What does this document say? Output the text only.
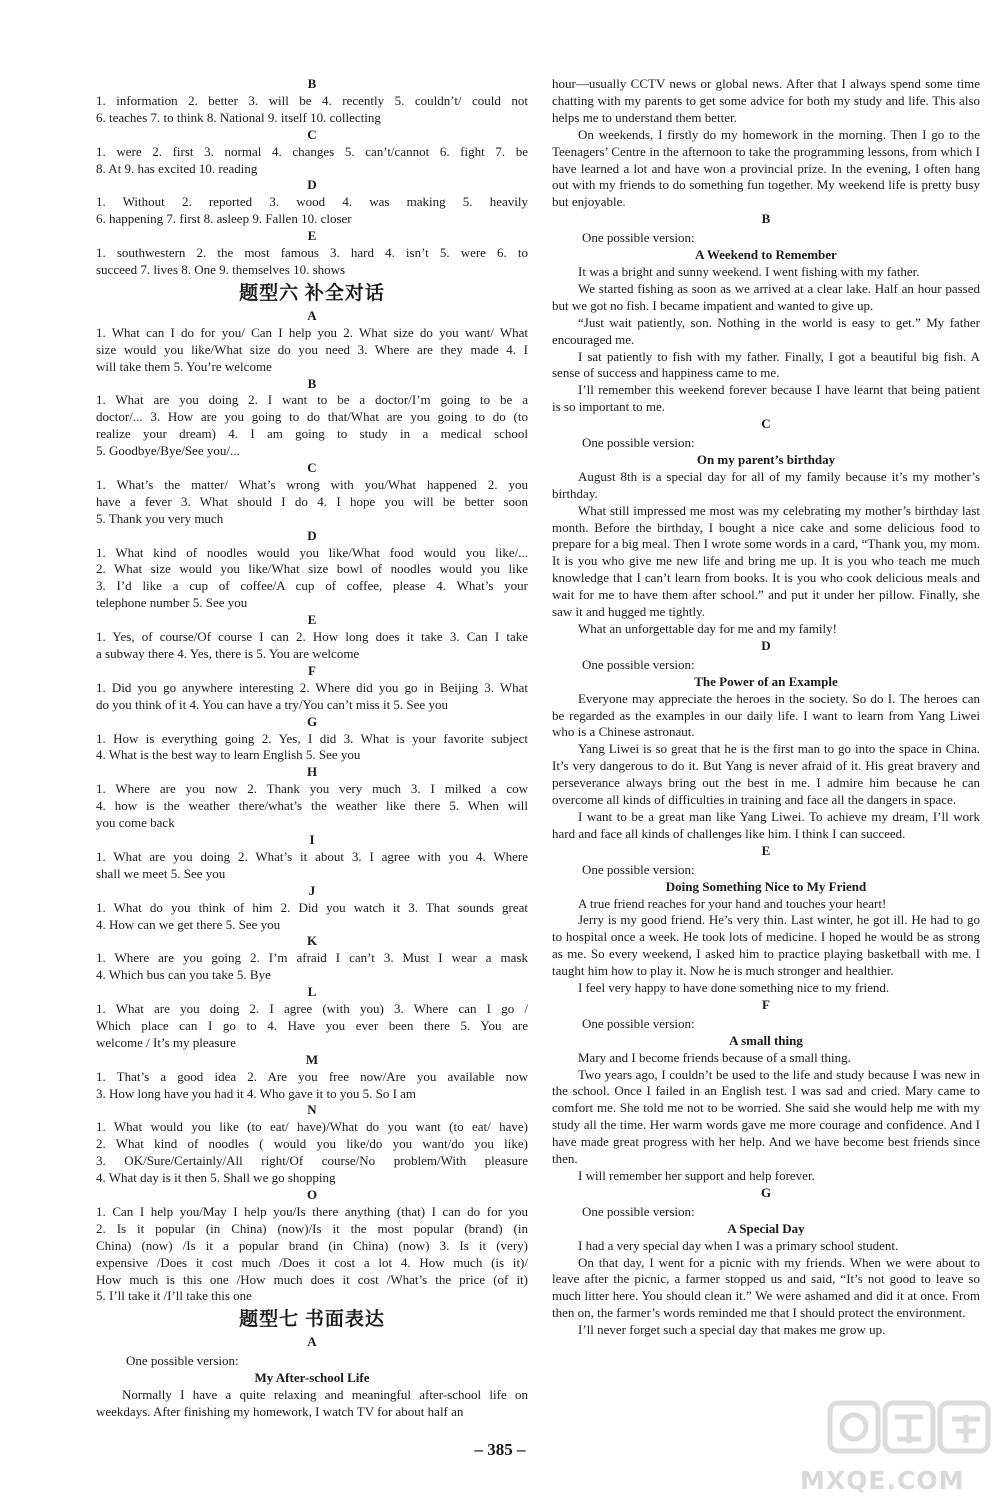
B
1. information 2. better 3. will be 4. recently 5. couldn’t/ could not
6. teaches 7. to think 8. National 9. itself 10. collecting
C
1. were 2. first 3. normal 4. changes 5. can’t/cannot 6. fight 7. be
8. At 9. has excited 10. reading
D
1. Without 2. reported 3. wood 4. was making 5. heavily
6. happening 7. first 8. asleep 9. Fallen 10. closer
E
1. southwestern 2. the most famous 3. hard 4. isn’t 5. were 6. to
succeed 7. lives 8. One 9. themselves 10. shows
题型六 补全对话
A
1. What can I do for you/ Can I help you 2. What size do you want/ What
size would you like/What size do you need 3. Where are they made 4. I
will take them 5. You’re welcome
B
1. What are you doing 2. I want to be a doctor/I’m going to be a
doctor/... 3. How are you going to do that/What are you going to do (to
realize your dream) 4. I am going to study in a medical school
5. Goodbye/Bye/See you/...
C
1. What’s the matter/ What’s wrong with you/What happened 2. you
have a fever 3. What should I do 4. I hope you will be better soon
5. Thank you very much
D
1. What kind of noodles would you like/What food would you like/...
2. What size would you like/What size bowl of noodles would you like
3. I’d like a cup of coffee/A cup of coffee, please 4. What’s your
telephone number 5. See you
E
1. Yes, of course/Of course I can 2. How long does it take 3. Can I take
a subway there 4. Yes, there is 5. You are welcome
F
1. Did you go anywhere interesting 2. Where did you go in Beijing 3. What
do you think of it 4. You can have a try/You can’t miss it 5. See you
G
1. How is everything going 2. Yes, I did 3. What is your favorite subject
4. What is the best way to learn English 5. See you
H
1. Where are you now 2. Thank you very much 3. I milked a cow
4. how is the weather there/what’s the weather like there 5. When will
you come back
I
1. What are you doing 2. What’s it about 3. I agree with you 4. Where
shall we meet 5. See you
J
1. What do you think of him 2. Did you watch it 3. That sounds great
4. How can we get there 5. See you
K
1. Where are you going 2. I’m afraid I can’t 3. Must I wear a mask
4. Which bus can you take 5. Bye
L
1. What are you doing 2. I agree (with you) 3. Where can I go /
Which place can I go to 4. Have you ever been there 5. You are
welcome / It’s my pleasure
M
1. That’s a good idea 2. Are you free now/Are you available now
3. How long have you had it 4. Who gave it to you 5. So I am
N
1. What would you like (to eat/ have)/What do you want (to eat/ have)
2. What kind of noodles ( would you like/do you want/do you like)
3. OK/Sure/Certainly/All right/Of course/No problem/With pleasure
4. What day is it then 5. Shall we go shopping
O
1. Can I help you/May I help you/Is there anything (that) I can do for you
2. Is it popular (in China) (now)/Is it the most popular (brand) (in
China) (now) /Is it a popular brand (in China) (now) 3. Is it (very)
expensive /Does it cost much /Does it cost a lot 4. How much (is it)/
How much is this one /How much does it cost /What’s the price (of it)
5. I’ll take it /I’ll take this one
题型七 书面表达
A
One possible version:
My After-school Life

Normally I have a quite relaxing and meaningful after-school life on weekdays. After finishing my homework, I watch TV for about half an

hour—usually CCTV news or global news. After that I always spend some time chatting with my parents to get some advice for both my study and life. This also helps me to understand them better.

On weekends, I firstly do my homework in the morning. Then I go to the Teenagers’ Centre in the afternoon to take the programming lessons, from which I have learned a lot and have won a provincial prize. In the evening, I often hang out with my friends to do something fun together. My weekend life is pretty busy but enjoyable.

B
One possible version:
A Weekend to Remember

It was a bright and sunny weekend. I went fishing with my father.

We started fishing as soon as we arrived at a clear lake. Half an hour passed but we got no fish. I became impatient and wanted to give up.

“Just wait patiently, son. Nothing in the world is easy to get.” My father encouraged me.

I sat patiently to fish with my father. Finally, I got a beautiful big fish. A sense of success and happiness came to me.

I’ll remember this weekend forever because I have learnt that being patient is so important to me.

C
One possible version:
On my parent’s birthday

August 8th is a special day for all of my family because it’s my mother’s birthday.

What still impressed me most was my celebrating my mother’s birthday last month. Before the birthday, I bought a nice cake and some delicious food to prepare for a big meal. Then I wrote some words in a card, “Thank you, my mom. It is you who give me new life and bring me up. It is you who teach me much knowledge that I can’t learn from books. It is you who cook delicious meals and wait for me to have them after school.” and put it under her pillow. Finally, she saw it and hugged me tightly.

What an unforgettable day for me and my family!

D
One possible version:
The Power of an Example

Everyone may appreciate the heroes in the society. So do I. The heroes can be regarded as the examples in our daily life. I want to learn from Yang Liwei who is a Chinese astronaut.

Yang Liwei is so great that he is the first man to go into the space in China. It’s very dangerous to do it. But Yang is never afraid of it. His great bravery and perseverance always bring out the best in me. I admire him because he can overcome all kinds of difficulties in training and face all the dangers in space.

I want to be a great man like Yang Liwei. To achieve my dream, I’ll work hard and face all kinds of challenges like him. I think I can succeed.

E
One possible version:
Doing Something Nice to My Friend

A true friend reaches for your hand and touches your heart!

Jerry is my good friend. He’s very thin. Last winter, he got ill. He had to go to hospital once a week. He took lots of medicine. I hoped he would be as strong as me. So every weekend, I asked him to practice playing basketball with me. I taught him how to play it. Now he is much stronger and healthier.

I feel very happy to have done something nice to my friend.

F
One possible version:
A small thing

Mary and I become friends because of a small thing.

Two years ago, I couldn’t be used to the life and study because I was new in the school. Once I failed in an English test. I was sad and cried. Mary came to comfort me. She told me not to be worried. She said she would help me with my study all the time. Her warm words gave me more courage and confidence. And I have made great progress with her help. And we have become best friends since then.

I will remember her support and help forever.

G
One possible version:
A Special Day

I had a very special day when I was a primary school student.

On that day, I went for a picnic with my friends. When we were about to leave after the picnic, a farmer stopped us and said, “It’s not good to leave so much litter here. You should clean it.” We were ashamed and did it at once. From then on, the farmer’s words reminded me that I should protect the environment.

I’ll never forget such a special day that makes me grow up.

– 385 –
MXQE.COM
